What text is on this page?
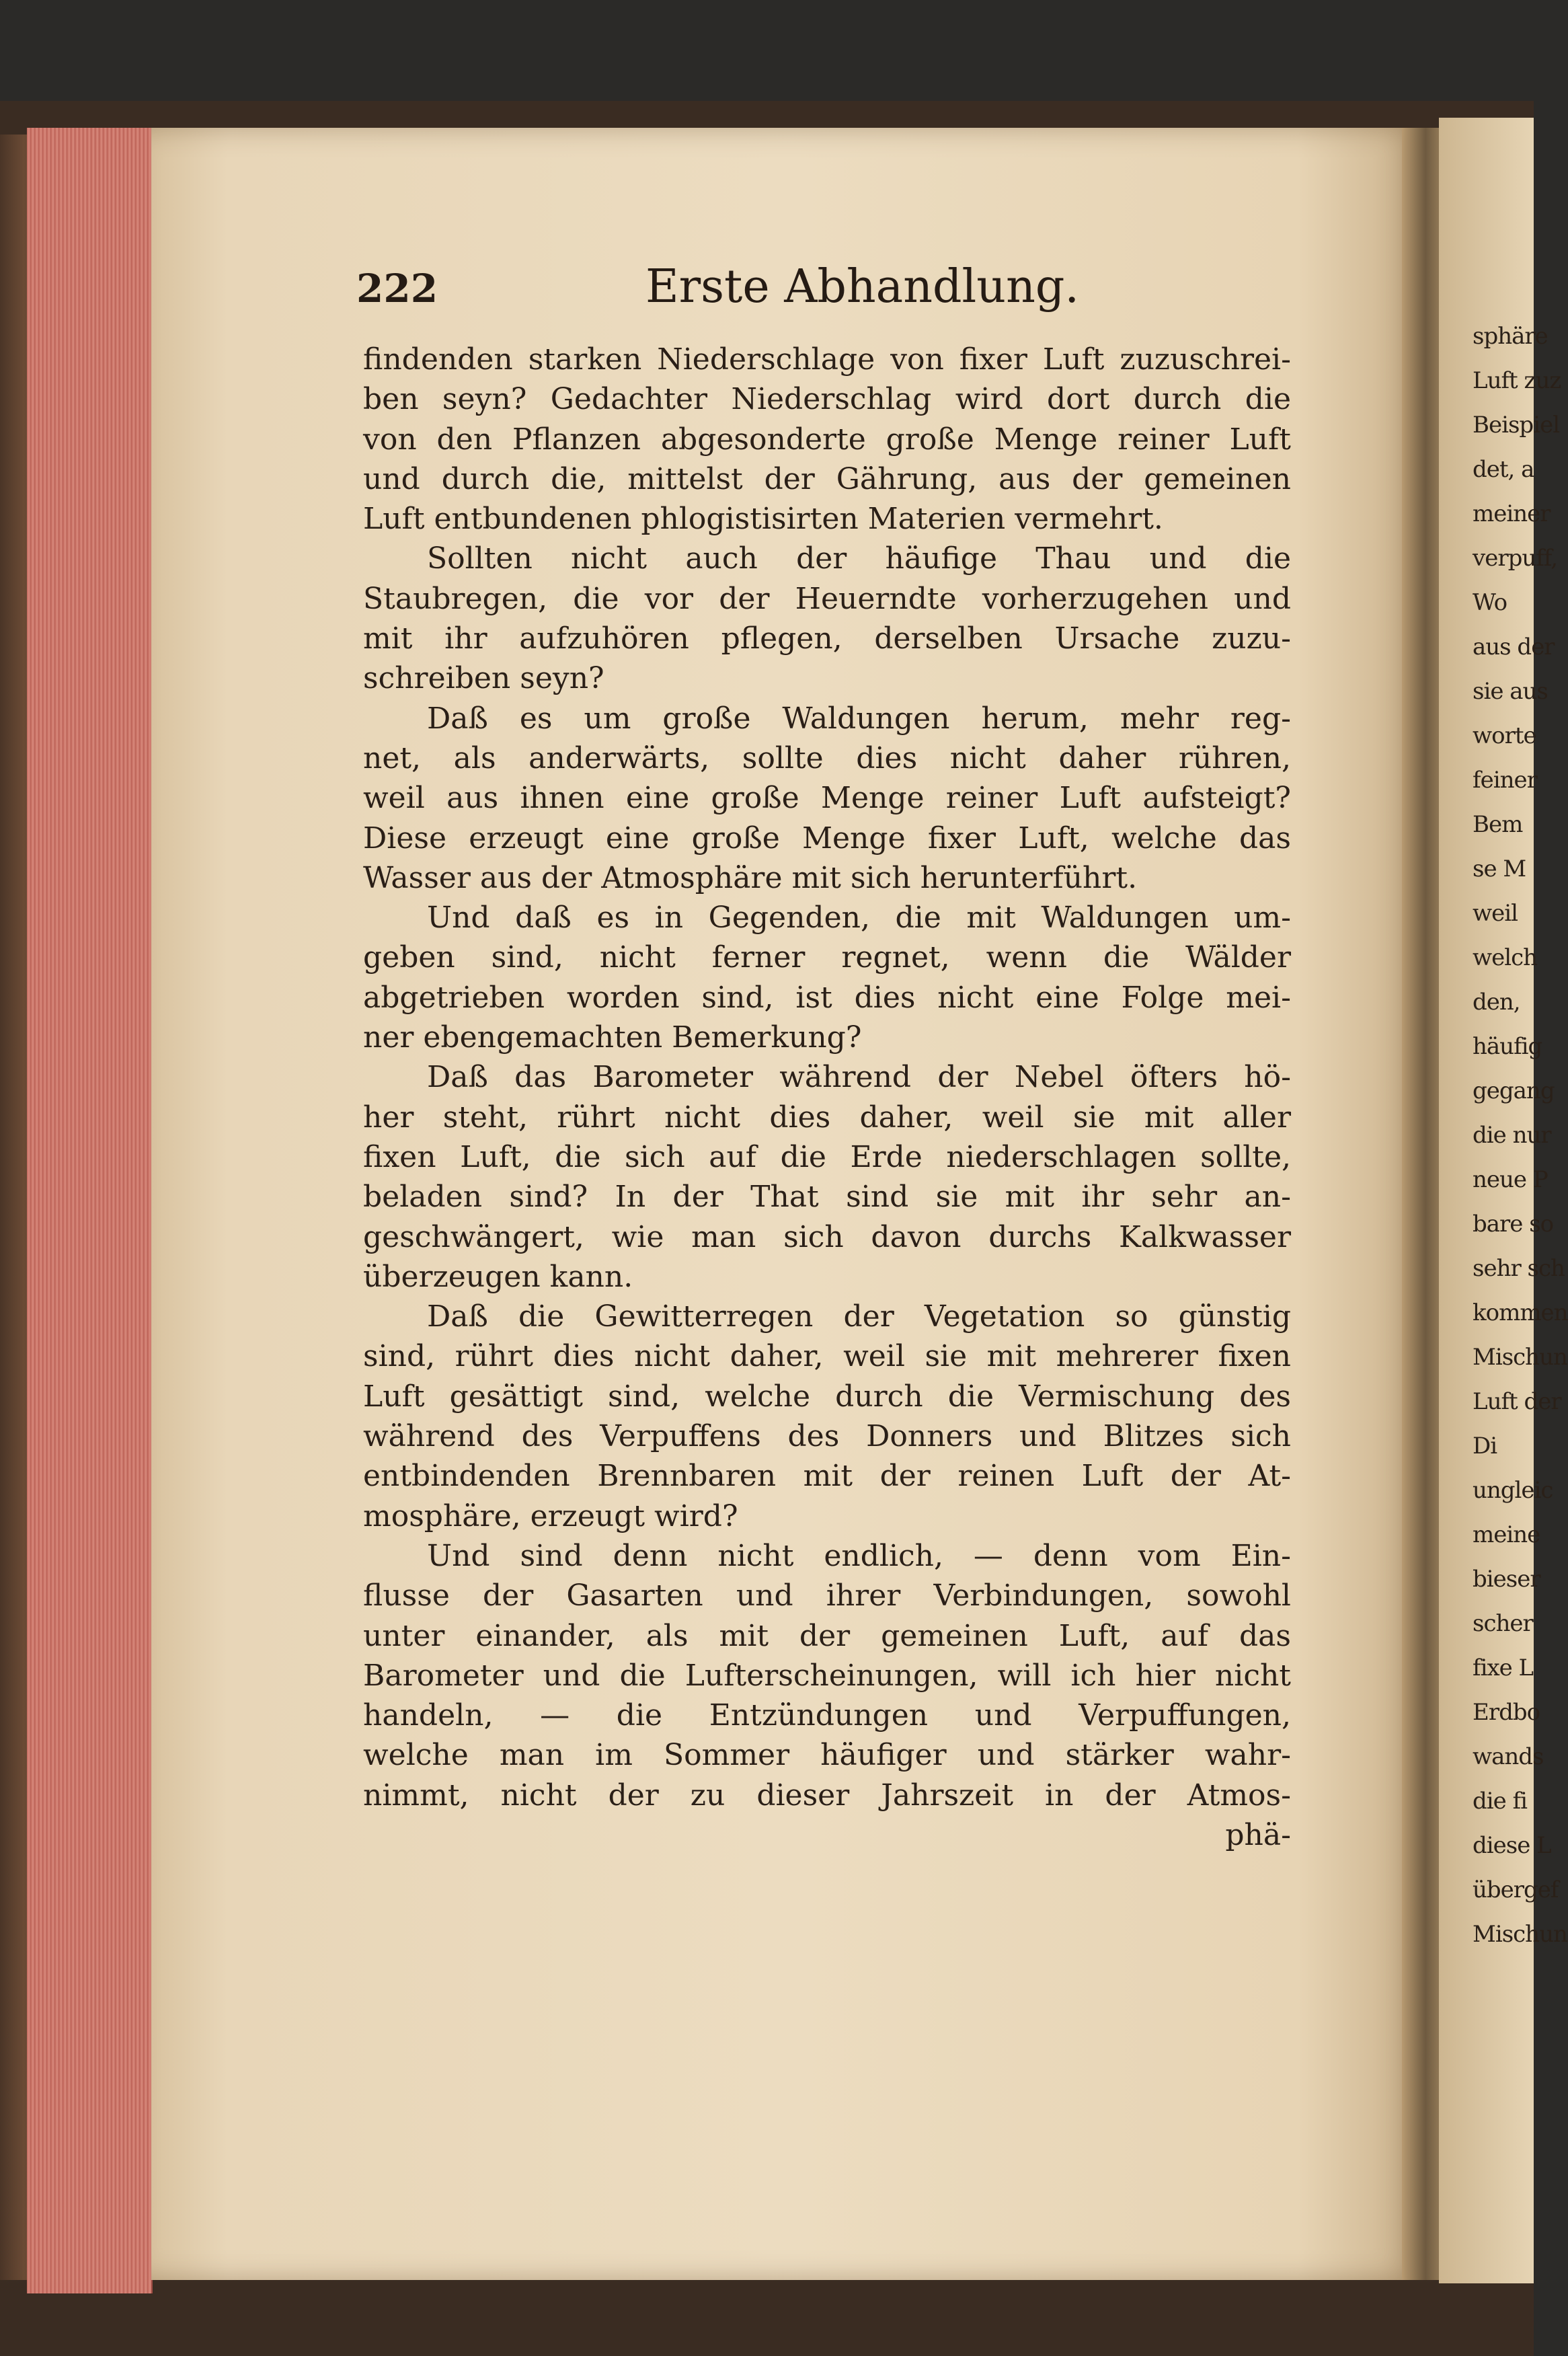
sphäre
Luft zuz
Beispiel
det, a
meiner
verpuff,
Wo
aus der
sie aus
worte
feiner
Bem
se M
weil
welch
den,
häufig
gegang
die nur
neue P
bare so
sehr sch
kommen
Mischun
Luft der
Di
ungleic
meine
bieser
scher
fixe L
Erdbo
wands
die fi
diese L
übergef
Mischun
222	Erste Abhandlung.
findenden starken Niederschlage von fixer Luft zuzuschrei-
ben seyn? Gedachter Niederschlag wird dort durch die
von den Pflanzen abgesonderte große Menge reiner Luft
und durch die, mittelst der Gährung, aus der gemeinen
Luft entbundenen phlogistisirten Materien vermehrt.
Sollten nicht auch der häufige Thau und die
Staubregen, die vor der Heuerndte vorherzugehen und
mit ihr aufzuhören pflegen, derselben Ursache zuzu-
schreiben seyn?
Daß es um große Waldungen herum, mehr reg-
net, als anderwärts, sollte dies nicht daher rühren,
weil aus ihnen eine große Menge reiner Luft aufsteigt?
Diese erzeugt eine große Menge fixer Luft, welche das
Wasser aus der Atmosphäre mit sich herunterführt.
Und daß es in Gegenden, die mit Waldungen um-
geben sind, nicht ferner regnet, wenn die Wälder
abgetrieben worden sind, ist dies nicht eine Folge mei-
ner ebengemachten Bemerkung?
Daß das Barometer während der Nebel öfters hö-
her steht, rührt nicht dies daher, weil sie mit aller
fixen Luft, die sich auf die Erde niederschlagen sollte,
beladen sind? In der That sind sie mit ihr sehr an-
geschwängert, wie man sich davon durchs Kalkwasser
überzeugen kann.
Daß die Gewitterregen der Vegetation so günstig
sind, rührt dies nicht daher, weil sie mit mehrerer fixen
Luft gesättigt sind, welche durch die Vermischung des
während des Verpuffens des Donners und Blitzes sich
entbindenden Brennbaren mit der reinen Luft der At-
mosphäre, erzeugt wird?
Und sind denn nicht endlich, — denn vom Ein-
flusse der Gasarten und ihrer Verbindungen, sowohl
unter einander, als mit der gemeinen Luft, auf das
Barometer und die Lufterscheinungen, will ich hier nicht
handeln, — die Entzündungen und Verpuffungen,
welche man im Sommer häufiger und stärker wahr-
nimmt, nicht der zu dieser Jahrszeit in der Atmos-
phä-
